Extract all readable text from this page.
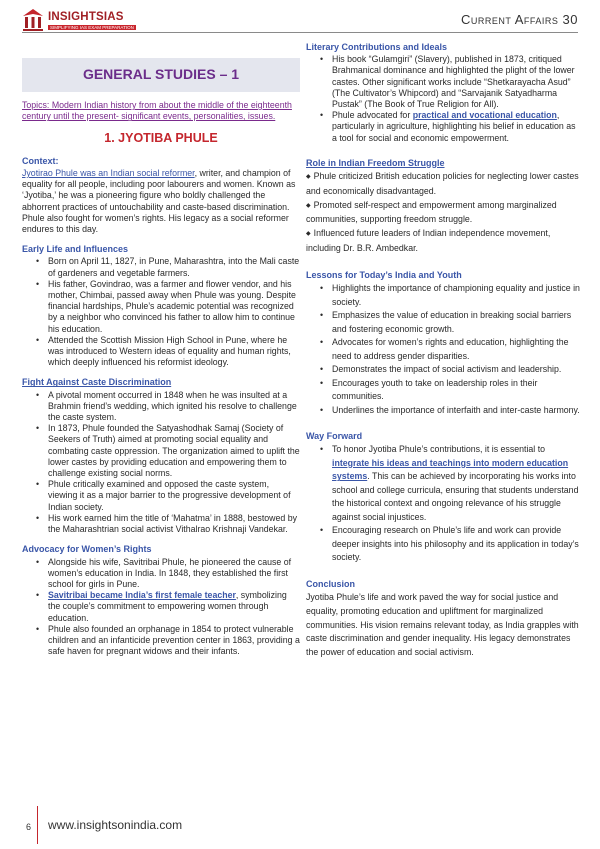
INSIGHTSIAS
SIMPLIFYING IAS EXAM PREPARATION
Current Affairs 30
GENERAL STUDIES – 1
Topics: Modern Indian history from about the middle of the eighteenth century until the present- significant events, personalities, issues.
1. JYOTIBA PHULE
Context:

Jyotirao Phule was an Indian social reformer, writer, and champion of equality for all people, including poor labourers and women. Known as ‘Jyotiba,’ he was a pioneering figure who boldly challenged the abhorrent practices of untouchability and caste-based discrimination. Phule also fought for women’s rights. His legacy as a social reformer endures to this day.

Early Life and Influences
• Born on April 11, 1827, in Pune, Maharashtra, into the Mali caste of gardeners and vegetable farmers.
• His father, Govindrao, was a farmer and flower vendor, and his mother, Chimbai, passed away when Phule was young. Despite financial hardships, Phule’s academic potential was recognized by a neighbor who convinced his father to allow him to continue his education.
• Attended the Scottish Mission High School in Pune, where he was introduced to Western ideas of equality and human rights, which deeply influenced his reformist ideology.
Fight Against Caste Discrimination
• A pivotal moment occurred in 1848 when he was insulted at a Brahmin friend’s wedding, which ignited his resolve to challenge the caste system.
• In 1873, Phule founded the Satyashodhak Samaj (Society of Seekers of Truth) aimed at promoting social equality and combating caste oppression. The organization aimed to uplift the lower castes by providing education and empowering them to challenge existing social norms.
• Phule critically examined and opposed the caste system, viewing it as a major barrier to the progressive development of Indian society.
• His work earned him the title of ‘Mahatma’ in 1888, bestowed by the Maharashtrian social activist Vithalrao Krishnaji Vandekar.
Advocacy for Women’s Rights
• Alongside his wife, Savitribai Phule, he pioneered the cause of women’s education in India. In 1848, they established the first school for girls in Pune.
• Savitribai became India’s first female teacher, symbolizing the couple’s commitment to empowering women through education.
• Phule also founded an orphanage in 1854 to protect vulnerable children and an infanticide prevention center in 1863, providing a safe haven for pregnant widows and their infants.
Literary Contributions and Ideals
• His book “Gulamgiri” (Slavery), published in 1873, critiqued Brahmanical dominance and highlighted the plight of the lower castes. Other significant works include “Shetkarayacha Asud” (The Cultivator’s Whipcord) and “Sarvajanik Satyadharma Pustak” (The Book of True Religion for All).
• Phule advocated for practical and vocational education, particularly in agriculture, highlighting his belief in education as a tool for social and economic empowerment.
Role in Indian Freedom Struggle
◆ Phule criticized British education policies for neglecting lower castes and economically disadvantaged.
◆ Promoted self-respect and empowerment among marginalized communities, supporting freedom struggle.
◆ Influenced future leaders of Indian independence movement, including Dr. B.R. Ambedkar.
Lessons for Today’s India and Youth
• Highlights the importance of championing equality and justice in society.
• Emphasizes the value of education in breaking social barriers and fostering economic growth.
• Advocates for women’s rights and education, highlighting the need to address gender disparities.
• Demonstrates the impact of social activism and leadership.
• Encourages youth to take on leadership roles in their communities.
• Underlines the importance of interfaith and inter-caste harmony.
Way Forward
• To honor Jyotiba Phule’s contributions, it is essential to integrate his ideas and teachings into modern education systems. This can be achieved by incorporating his works into school and college curricula, ensuring that students understand the historical context and ongoing relevance of his struggle against social injustices.
• Encouraging research on Phule’s life and work can provide deeper insights into his philosophy and its application in today’s society.
Conclusion

Jyotiba Phule’s life and work paved the way for social justice and equality, promoting education and upliftment for marginalized communities. His vision remains relevant today, as India grapples with caste discrimination and gender inequality. His legacy demonstrates the power of education and social activism.

6 www.insightsonindia.com
